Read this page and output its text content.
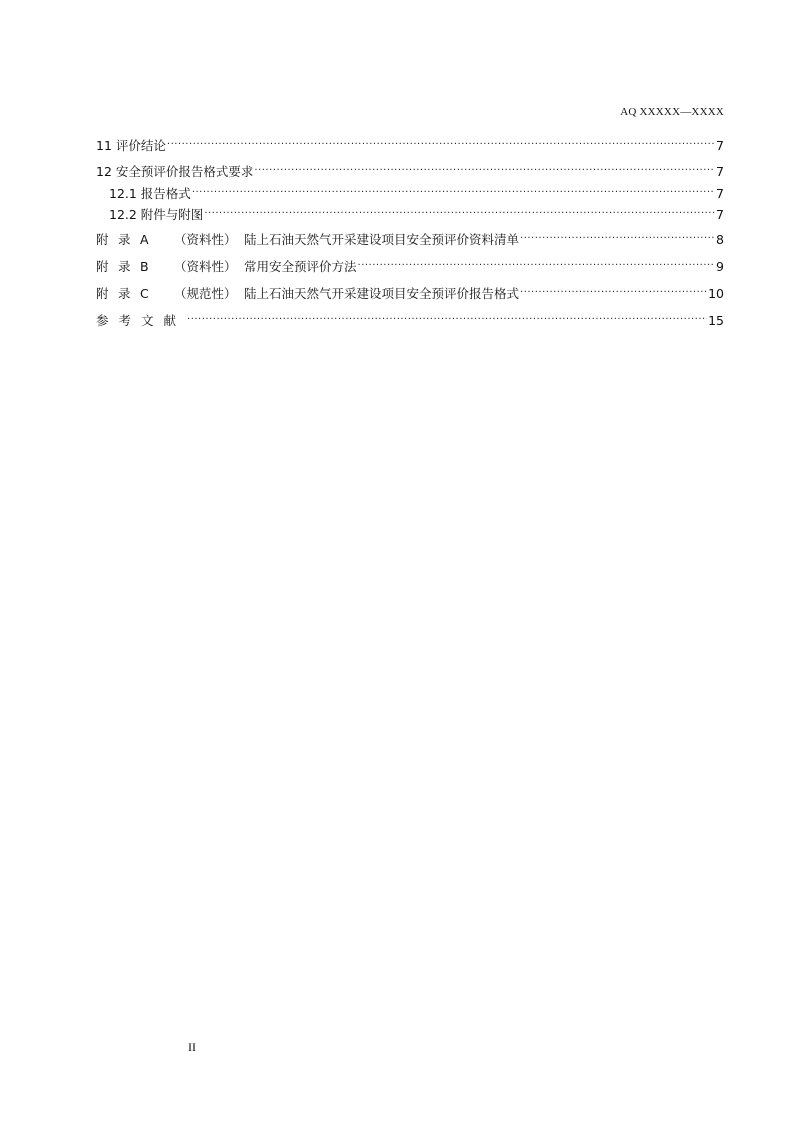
AQ XXXXX—XXXX
11 评价结论 .....	7
12 安全预评价报告格式要求 .....	7
12.1 报告格式 .....	7
12.2 附件与附图 .....	7
附 录 A （资料性） 陆上石油天然气开采建设项目安全预评价资料清单 .....	8
附 录 B （资料性） 常用安全预评价方法 .....	9
附 录 C （规范性） 陆上石油天然气开采建设项目安全预评价报告格式 .....	10
参考文献 .....	15
II
